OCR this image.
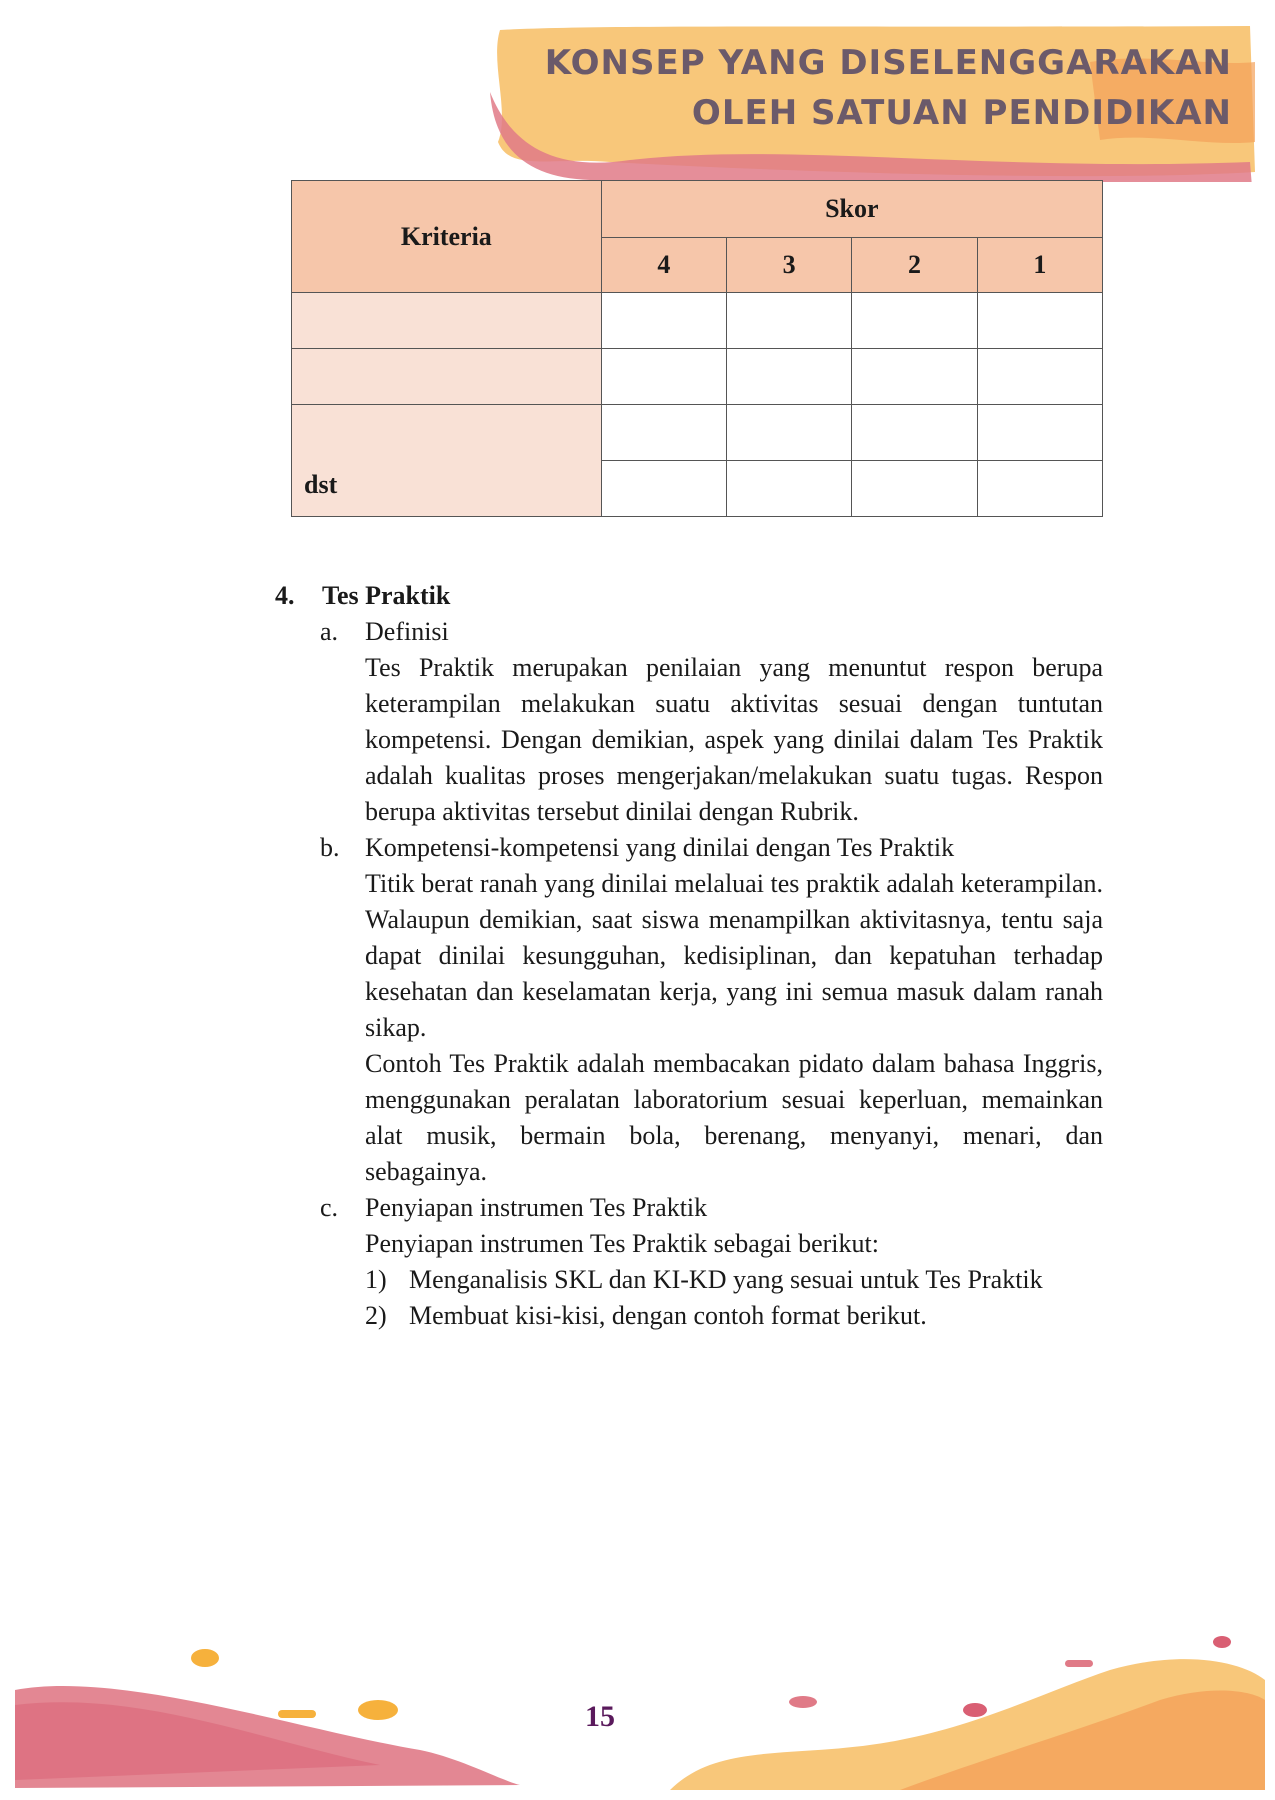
KONSEP YANG DISELENGGARAKAN
OLEH SATUAN PENDIDIKAN
Kriteria	Skor			
	4	3	2	1

dst				

4.	Tes Praktik
a.	Definisi
Tes Praktik merupakan penilaian yang menuntut respon berupa keterampilan melakukan suatu aktivitas sesuai dengan tuntutan kompetensi. Dengan demikian, aspek yang dinilai dalam Tes Praktik adalah kualitas proses mengerjakan/melakukan suatu tugas. Respon berupa aktivitas tersebut dinilai dengan Rubrik.
b. Kompetensi-kompetensi yang dinilai dengan Tes Praktik
Titik berat ranah yang dinilai melaluai tes praktik adalah keterampilan. Walaupun demikian, saat siswa menampilkan aktivitasnya, tentu saja dapat dinilai kesungguhan, kedisiplinan, dan kepatuhan terhadap kesehatan dan keselamatan kerja, yang ini semua masuk dalam ranah sikap.
Contoh Tes Praktik adalah membacakan pidato dalam bahasa Inggris, menggunakan peralatan laboratorium sesuai keperluan, memainkan alat musik, bermain bola, berenang, menyanyi, menari, dan sebagainya.
c.	Penyiapan instrumen Tes Praktik
Penyiapan instrumen Tes Praktik sebagai berikut:
1) Menganalisis SKL dan KI-KD yang sesuai untuk Tes Praktik
2) Membuat kisi-kisi, dengan contoh format berikut.
15
